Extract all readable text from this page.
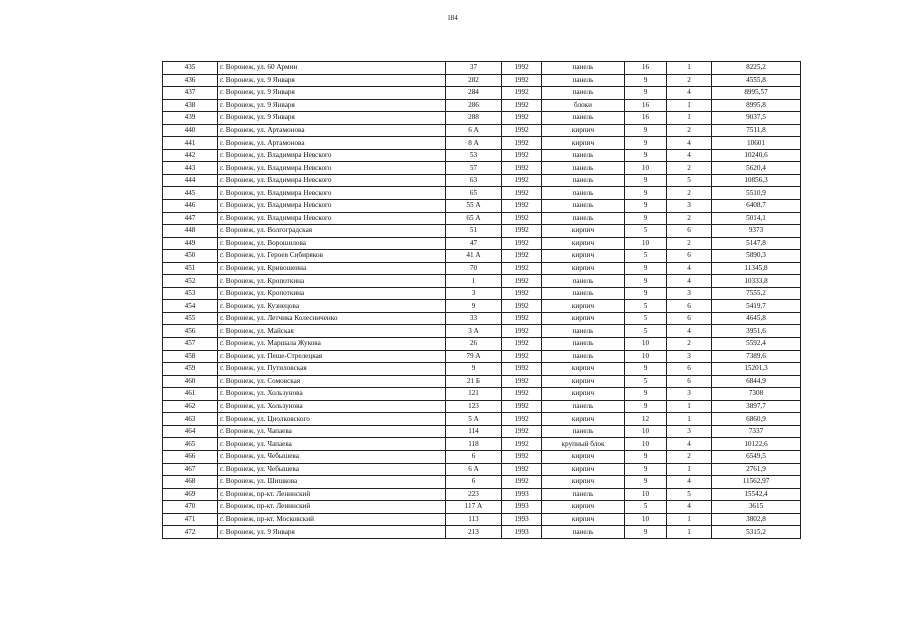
184
435	г. Воронеж, ул. 60 Армии	37	1992	панель	16	1	8225,2
436	г. Воронеж, ул. 9 Января	282	1992	панель	9	2	4555,8
437	г. Воронеж, ул. 9 Января	284	1992	панель	9	4	8995,57
438	г. Воронеж, ул. 9 Января	286	1992	блоки	16	1	8995,8
439	г. Воронеж, ул. 9 Января	288	1992	панель	16	1	9037,5
440	г. Воронеж, ул. Артамонова	6 А	1992	кирпич	9	2	7511,8
441	г. Воронеж, ул. Артамонова	8 А	1992	кирпич	9	4	10601
442	г. Воронеж, ул. Владимира Невского	53	1992	панель	9	4	10240,6
443	г. Воронеж, ул. Владимира Невского	57	1992	панель	10	2	5620,4
444	г. Воронеж, ул. Владимира Невского	63	1992	панель	9	5	10856,3
445	г. Воронеж, ул. Владимира Невского	65	1992	панель	9	2	5510,9
446	г. Воронеж, ул. Владимира Невского	55 А	1992	панель	9	3	6408,7
447	г. Воронеж, ул. Владимира Невского	65 А	1992	панель	9	2	5014,1
448	г. Воронеж, ул. Волгоградская	51	1992	кирпич	5	6	9373
449	г. Воронеж, ул. Ворошилова	47	1992	кирпич	10	2	5147,8
450	г. Воронеж, ул. Героев Сибиряков	41 А	1992	кирпич	5	6	5890,3
451	г. Воронеж, ул. Кривошеина	70	1992	кирпич	9	4	11345,8
452	г. Воронеж, ул. Кропоткина	1	1992	панель	9	4	10333,8
453	г. Воронеж, ул. Кропоткина	3	1992	панель	9	3	7555,2
454	г. Воронеж, ул. Кузнецова	9	1992	кирпич	5	6	5419,7
455	г. Воронеж, ул. Летчика Колесниченко	33	1992	кирпич	5	6	4645,8
456	г. Воронеж, ул. Майская	3 А	1992	панель	5	4	3951,6
457	г. Воронеж, ул. Маршала Жукова	26	1992	панель	10	2	5592,4
458	г. Воронеж, ул. Пеше-Стрелецкая	79 А	1992	панель	10	3	7389,6
459	г. Воронеж, ул. Путиловская	9	1992	кирпич	9	6	15201,3
460	г. Воронеж, ул. Сомовская	21 Б	1992	кирпич	5	6	6844,9
461	г. Воронеж, ул. Хользунова	121	1992	кирпич	9	3	7308
462	г. Воронеж, ул. Хользунова	123	1992	панель	9	1	3897,7
463	г. Воронеж, ул. Циолковского	5 А	1992	кирпич	12	1	6860,9
464	г. Воронеж, ул. Чапаева	114	1992	панель	10	3	7337
465	г. Воронеж, ул. Чапаева	118	1992	крупный блок	10	4	10122,6
466	г. Воронеж, ул. Чебышева	6	1992	кирпич	9	2	6549,5
467	г. Воронеж, ул. Чебышева	6 А	1992	кирпич	9	1	2761,9
468	г. Воронеж, ул. Шишкова	6	1992	кирпич	9	4	11562,97
469	г. Воронеж, пр-кт. Ленинский	223	1993	панель	10	5	15542,4
470	г. Воронеж, пр-кт. Ленинский	117 А	1993	кирпич	5	4	3615
471	г. Воронеж, пр-кт. Московский	113	1993	кирпич	10	1	3802,8
472	г. Воронеж, ул. 9 Января	213	1993	панель	9	1	5315,2
